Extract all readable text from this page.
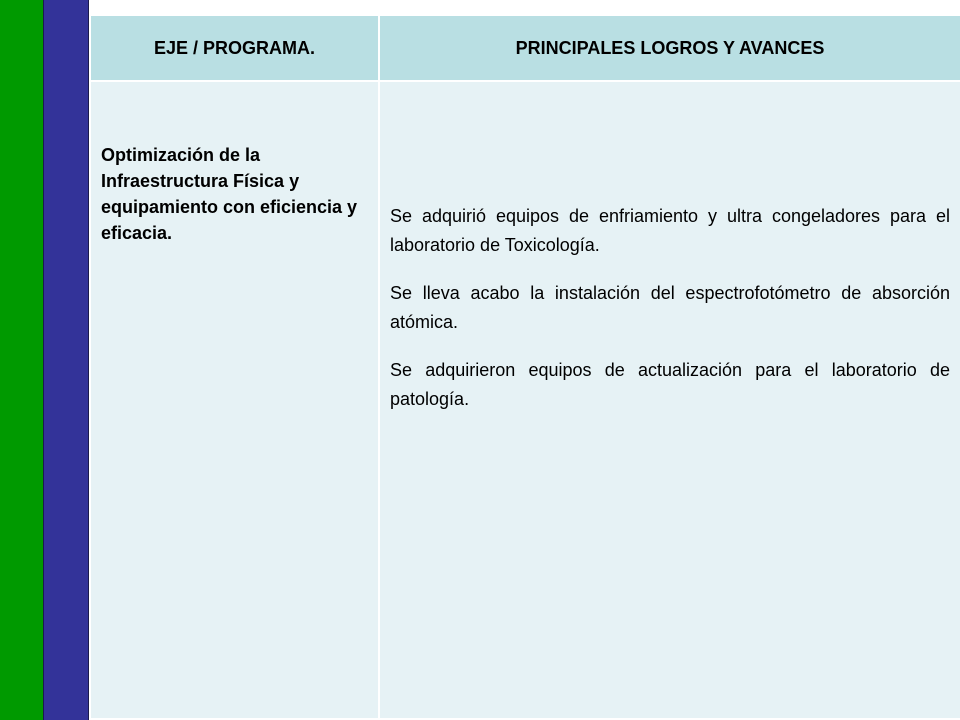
EJE / PROGRAMA.	PRINCIPALES LOGROS Y AVANCES

Optimización de la Infraestructura Física y equipamiento con eficiencia y eficacia.	Se adquirió equipos de enfriamiento y ultra congeladores para el laboratorio de Toxicología.

Se lleva acabo la instalación del espectrofotómetro de absorción atómica.

Se adquirieron equipos de actualización para el laboratorio de patología.
